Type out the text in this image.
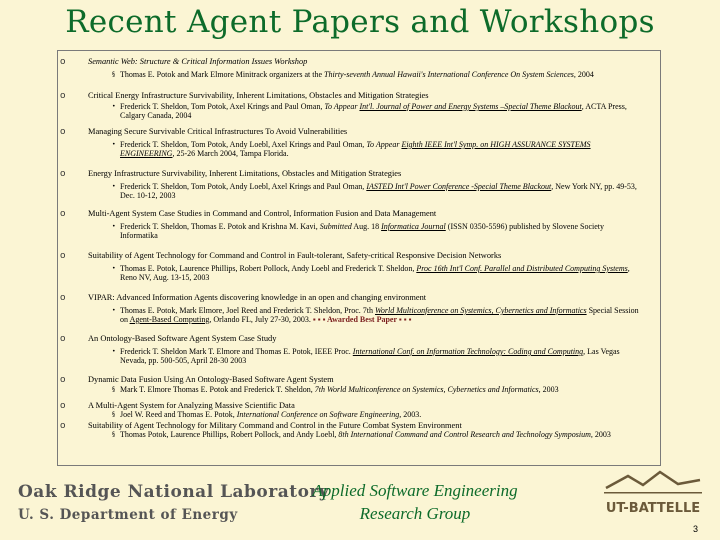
Recent Agent Papers and Workshops
o	Semantic Web: Structure & Critical Information Issues Workshop
§ Thomas E. Potok and Mark Elmore Minitrack organizers at the Thirty-seventh Annual Hawaii's International Conference On System Sciences, 2004
o	Critical Energy Infrastructure Survivability, Inherent Limitations, Obstacles and Mitigation Strategies
• Frederick T. Sheldon, Tom Potok, Axel Krings and Paul Oman, To Appear Int'l. Journal of Power and Energy Systems –Special Theme Blackout, ACTA Press, Calgary Canada, 2004
o	Managing Secure Survivable Critical Infrastructures To Avoid Vulnerabilities
• Frederick T. Sheldon, Tom Potok, Andy Loebl, Axel Krings and Paul Oman, To Appear Eighth IEEE Int'l Symp. on HIGH ASSURANCE SYSTEMS ENGINEERING, 25-26 March 2004, Tampa Florida.
o	Energy Infrastructure Survivability, Inherent Limitations, Obstacles and Mitigation Strategies
• Frederick T. Sheldon, Tom Potok, Andy Loebl, Axel Krings and Paul Oman, IASTED Int'l Power Conference -Special Theme Blackout, New York NY, pp. 49-53, Dec. 10-12, 2003
o	Multi-Agent System Case Studies in Command and Control, Information Fusion and Data Management
• Frederick T. Sheldon, Thomas E. Potok and Krishna M. Kavi, Submitted Aug. 18 Informatica Journal (ISSN 0350-5596) published by Slovene Society Informatika
o	Suitability of Agent Technology for Command and Control in Fault-tolerant, Safety-critical Responsive Decision Networks
• Thomas E. Potok, Laurence Phillips, Robert Pollock, Andy Loebl and Frederick T. Sheldon, Proc 16th Int'l Conf. Parallel and Distributed Computing Systems, Reno NV, Aug. 13-15, 2003
o	VIPAR: Advanced Information Agents discovering knowledge in an open and changing environment
• Thomas E. Potok, Mark Elmore, Joel Reed and Frederick T. Sheldon, Proc. 7th World Multiconference on Systemics, Cybernetics and Informatics Special Session on Agent-Based Computing, Orlando FL, July 27-30, 2003. ▪ ▪ ▪ Awarded Best Paper ▪ ▪ ▪
o	An Ontology-Based Software Agent System Case Study
• Frederick T. Sheldon Mark T. Elmore and Thomas E. Potok, IEEE Proc. International Conf. on Information Technology: Coding and Computing, Las Vegas Nevada, pp. 500-505, April 28-30 2003
o	Dynamic Data Fusion Using An Ontology-Based Software Agent System
§ Mark T. Elmore Thomas E. Potok and Frederick T. Sheldon, 7th World Multiconference on Systemics, Cybernetics and Informatics, 2003
o	A Multi-Agent System for Analyzing Massive Scientific Data
§ Joel W. Reed and Thomas E. Potok, International Conference on Software Engineering, 2003.
o	Suitability of Agent Technology for Military Command and Control in the Future Combat System Environment
§ Thomas Potok, Laurence Phillips, Robert Pollock, and Andy Loebl, 8th International Command and Control Research and Technology Symposium, 2003
Oak Ridge National Laboratory
U. S. Department of Energy
Applied Software Engineering
Research Group	UT-BATTELLE
3
